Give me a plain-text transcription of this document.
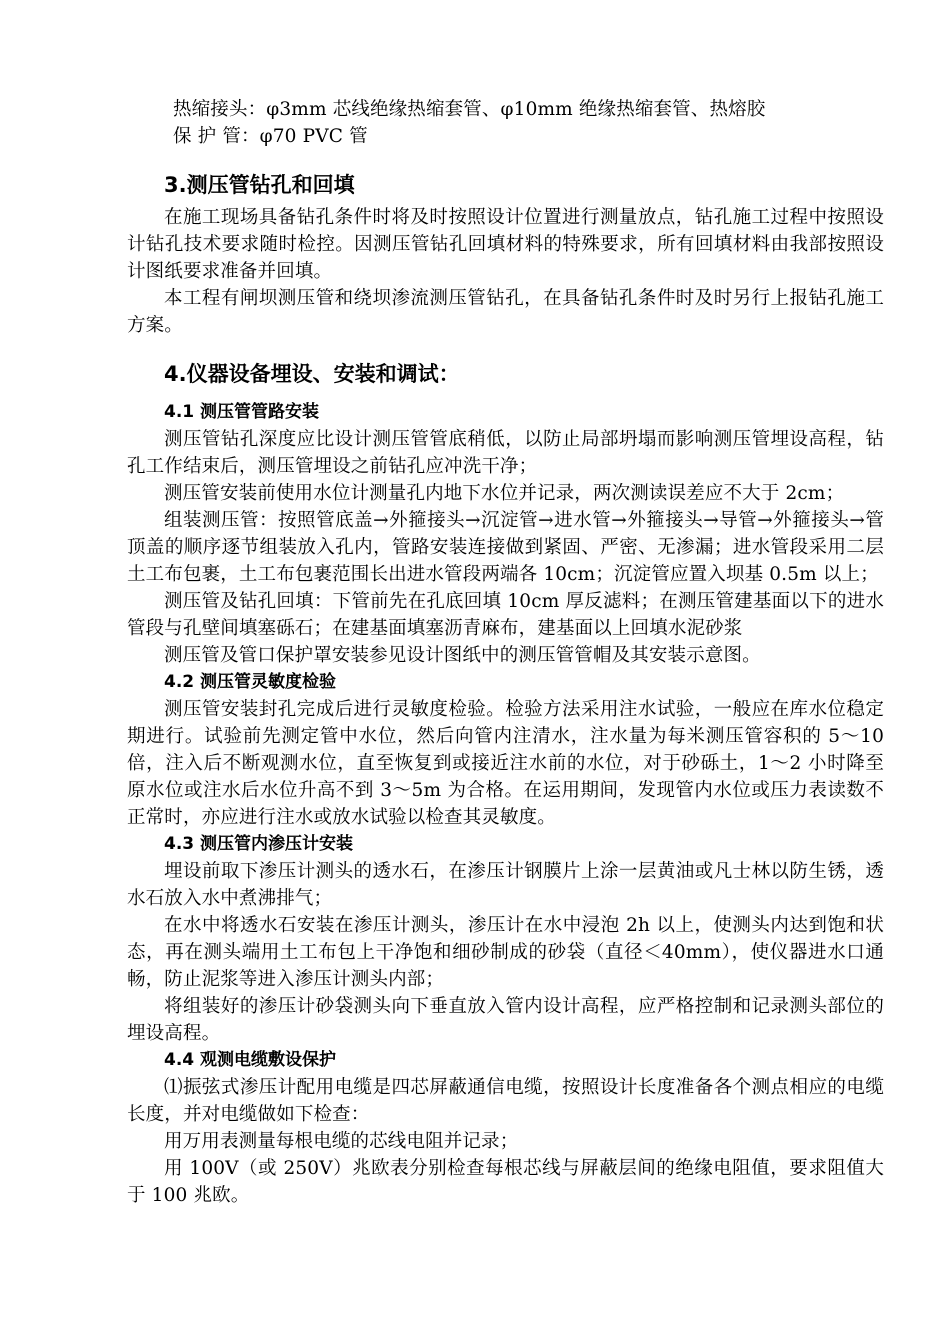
热缩接头：φ3mm 芯线绝缘热缩套管、φ10mm 绝缘热缩套管、热熔胶

保 护 管：φ70 PVC 管

3.测压管钻孔和回填

在施工现场具备钻孔条件时将及时按照设计位置进行测量放点，钻孔施工过程中按照设计钻孔技术要求随时检控。因测压管钻孔回填材料的特殊要求，所有回填材料由我部按照设计图纸要求准备并回填。

本工程有闸坝测压管和绕坝渗流测压管钻孔，在具备钻孔条件时及时另行上报钻孔施工方案。

4.仪器设备埋设、安装和调试：
4.1 测压管管路安装

测压管钻孔深度应比设计测压管管底稍低，以防止局部坍塌而影响测压管埋设高程，钻孔工作结束后，测压管埋设之前钻孔应冲洗干净；

测压管安装前使用水位计测量孔内地下水位并记录，两次测读误差应不大于 2cm；

组装测压管：按照管底盖→外箍接头→沉淀管→进水管→外箍接头→导管→外箍接头→管顶盖的顺序逐节组装放入孔内，管路安装连接做到紧固、严密、无渗漏；进水管段采用二层土工布包裹，土工布包裹范围长出进水管段两端各 10cm；沉淀管应置入坝基 0.5m 以上；

测压管及钻孔回填：下管前先在孔底回填 10cm 厚反滤料；在测压管建基面以下的进水管段与孔壁间填塞砾石；在建基面填塞沥青麻布，建基面以上回填水泥砂浆

测压管及管口保护罩安装参见设计图纸中的测压管管帽及其安装示意图。

4.2 测压管灵敏度检验

测压管安装封孔完成后进行灵敏度检验。检验方法采用注水试验，一般应在库水位稳定期进行。试验前先测定管中水位，然后向管内注清水，注水量为每米测压管容积的 5～10 倍，注入后不断观测水位，直至恢复到或接近注水前的水位，对于砂砾土，1～2 小时降至原水位或注水后水位升高不到 3～5m 为合格。在运用期间，发现管内水位或压力表读数不正常时，亦应进行注水或放水试验以检查其灵敏度。

4.3 测压管内渗压计安装

埋设前取下渗压计测头的透水石，在渗压计钢膜片上涂一层黄油或凡士林以防生锈，透水石放入水中煮沸排气；

在水中将透水石安装在渗压计测头，渗压计在水中浸泡 2h 以上，使测头内达到饱和状态，再在测头端用土工布包上干净饱和细砂制成的砂袋（直径＜40mm），使仪器进水口通畅，防止泥浆等进入渗压计测头内部；

将组装好的渗压计砂袋测头向下垂直放入管内设计高程，应严格控制和记录测头部位的埋设高程。

4.4 观测电缆敷设保护

⑴振弦式渗压计配用电缆是四芯屏蔽通信电缆，按照设计长度准备各个测点相应的电缆长度，并对电缆做如下检查：

用万用表测量每根电缆的芯线电阻并记录；

用 100V（或 250V）兆欧表分别检查每根芯线与屏蔽层间的绝缘电阻值，要求阻值大于 100 兆欧。
